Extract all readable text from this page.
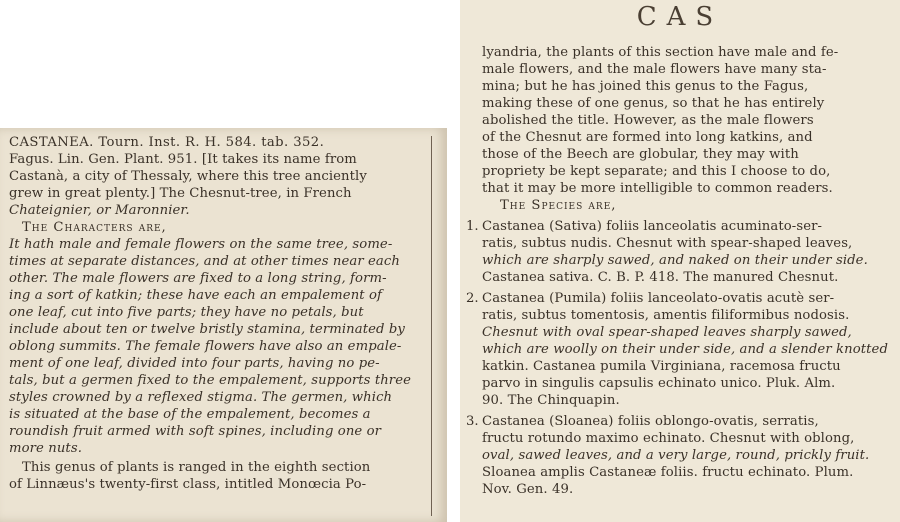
CASTANEA. Tourn. Inst. R. H. 584. tab. 352.
Fagus. Lin. Gen. Plant. 951. [It takes its name from
Castanà, a city of Thessaly, where this tree anciently
grew in great plenty.] The Chesnut-tree, in French
Chateignier, or Maronnier.
The Characters are,
It hath male and female flowers on the same tree, some-
times at separate distances, and at other times near each
other. The male flowers are fixed to a long string, form-
ing a sort of katkin; these have each an empalement of
one leaf, cut into five parts; they have no petals, but
include about ten or twelve bristly stamina, terminated by
oblong summits. The female flowers have also an empale-
ment of one leaf, divided into four parts, having no pe-
tals, but a germen fixed to the empalement, supports three
styles crowned by a reflexed stigma. The germen, which
is situated at the base of the empalement, becomes a
roundish fruit armed with soft spines, including one or
more nuts.
This genus of plants is ranged in the eighth section
of Linnæus's twenty-first class, intitled Monœcia Po-
CAS
lyandria, the plants of this section have male and fe-
male flowers, and the male flowers have many sta-
mina; but he has joined this genus to the Fagus,
making these of one genus, so that he has entirely
abolished the title. However, as the male flowers
of the Chesnut are formed into long katkins, and
those of the Beech are globular, they may with
propriety be kept separate; and this I choose to do,
that it may be more intelligible to common readers.
The Species are,
1. Castanea (Sativa) foliis lanceolatis acuminato-ser-
ratis, subtus nudis. Chesnut with spear-shaped leaves,
which are sharply sawed, and naked on their under side.
Castanea sativa. C. B. P. 418. The manured Chesnut.
2. Castanea (Pumila) foliis lanceolato-ovatis acutè ser-
ratis, subtus tomentosis, amentis filiformibus nodosis.
Chesnut with oval spear-shaped leaves sharply sawed,
which are woolly on their under side, and a slender knotted
katkin. Castanea pumila Virginiana, racemosa fructu
parvo in singulis capsulis echinato unico. Pluk. Alm.
90. The Chinquapin.
3. Castanea (Sloanea) foliis oblongo-ovatis, serratis,
fructu rotundo maximo echinato. Chesnut with oblong,
oval, sawed leaves, and a very large, round, prickly fruit.
Sloanea amplis Castaneæ foliis. fructu echinato. Plum.
Nov. Gen. 49.
